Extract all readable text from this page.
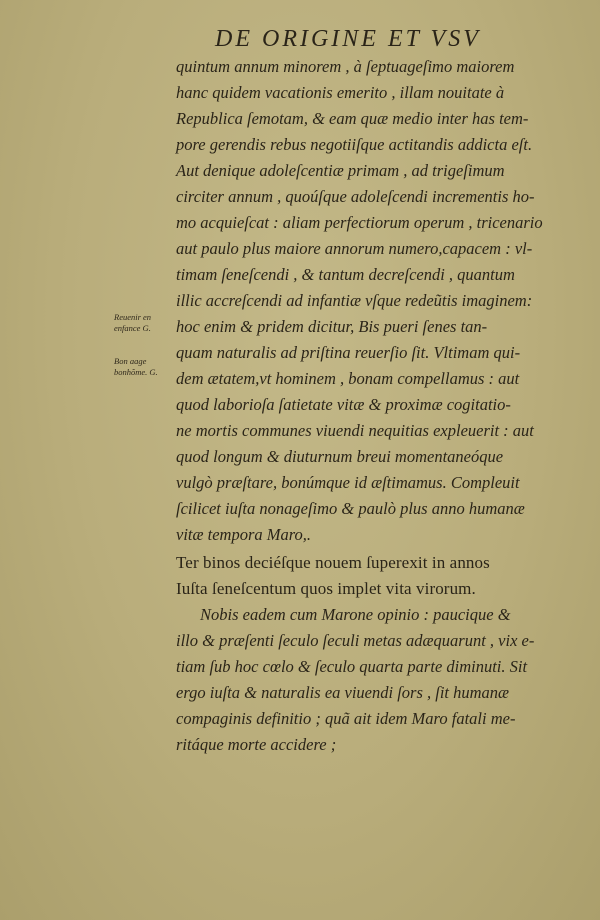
DE ORIGINE ET VSV
Reuenir en enfance G.
Bon aage bonhõme. G.
quintum annum minorem , à ſeptuageſimo maiorem
hanc quidem vacationis emerito , illam nouitate à
Republica ſemotam, & eam quæ medio inter has tem-
pore gerendis rebus negotiiſque actitandis addicta eſt.
Aut denique adoleſcentiæ primam , ad trigeſimum
circiter annum , quoúſque adoleſcendi incrementis ho-
mo acquieſcat : aliam perfectiorum operum , tricenario
aut paulo plus maiore annorum numero,capacem : vl-
timam ſeneſcendi , & tantum decreſcendi , quantum
illic accreſcendi ad infantiæ vſque redeũtis imaginem:
hoc enim & pridem dicitur, Bis pueri ſenes tan-
quam naturalis ad priſtina reuerſio ſit. Vltimam qui-
dem ætatem,vt hominem , bonam compellamus : aut
quod laborioſa ſatietate vitæ & proximæ cogitatio-
ne mortis communes viuendi nequitias expleuerit : aut
quod longum & diuturnum breui momentaneóque
vulgò præſtare, bonúmque id æſtimamus. Compleuit
ſcilicet iuſta nonageſimo & paulò plus anno humanæ
vitæ tempora Maro,.
Ter binos deciéſque nouem ſuperexit in annos
Iuſta ſeneſcentum quos implet vita virorum.
Nobis eadem cum Marone opinio : paucique &
illo & præſenti ſeculo ſeculi metas adæquarunt , vix e-
tiam ſub hoc cœlo & ſeculo quarta parte diminuti. Sit
ergo iuſta & naturalis ea viuendi ſors , ſit humanæ
compaginis definitio ; quã ait idem Maro fatali me-
ritáque morte accidere ;
